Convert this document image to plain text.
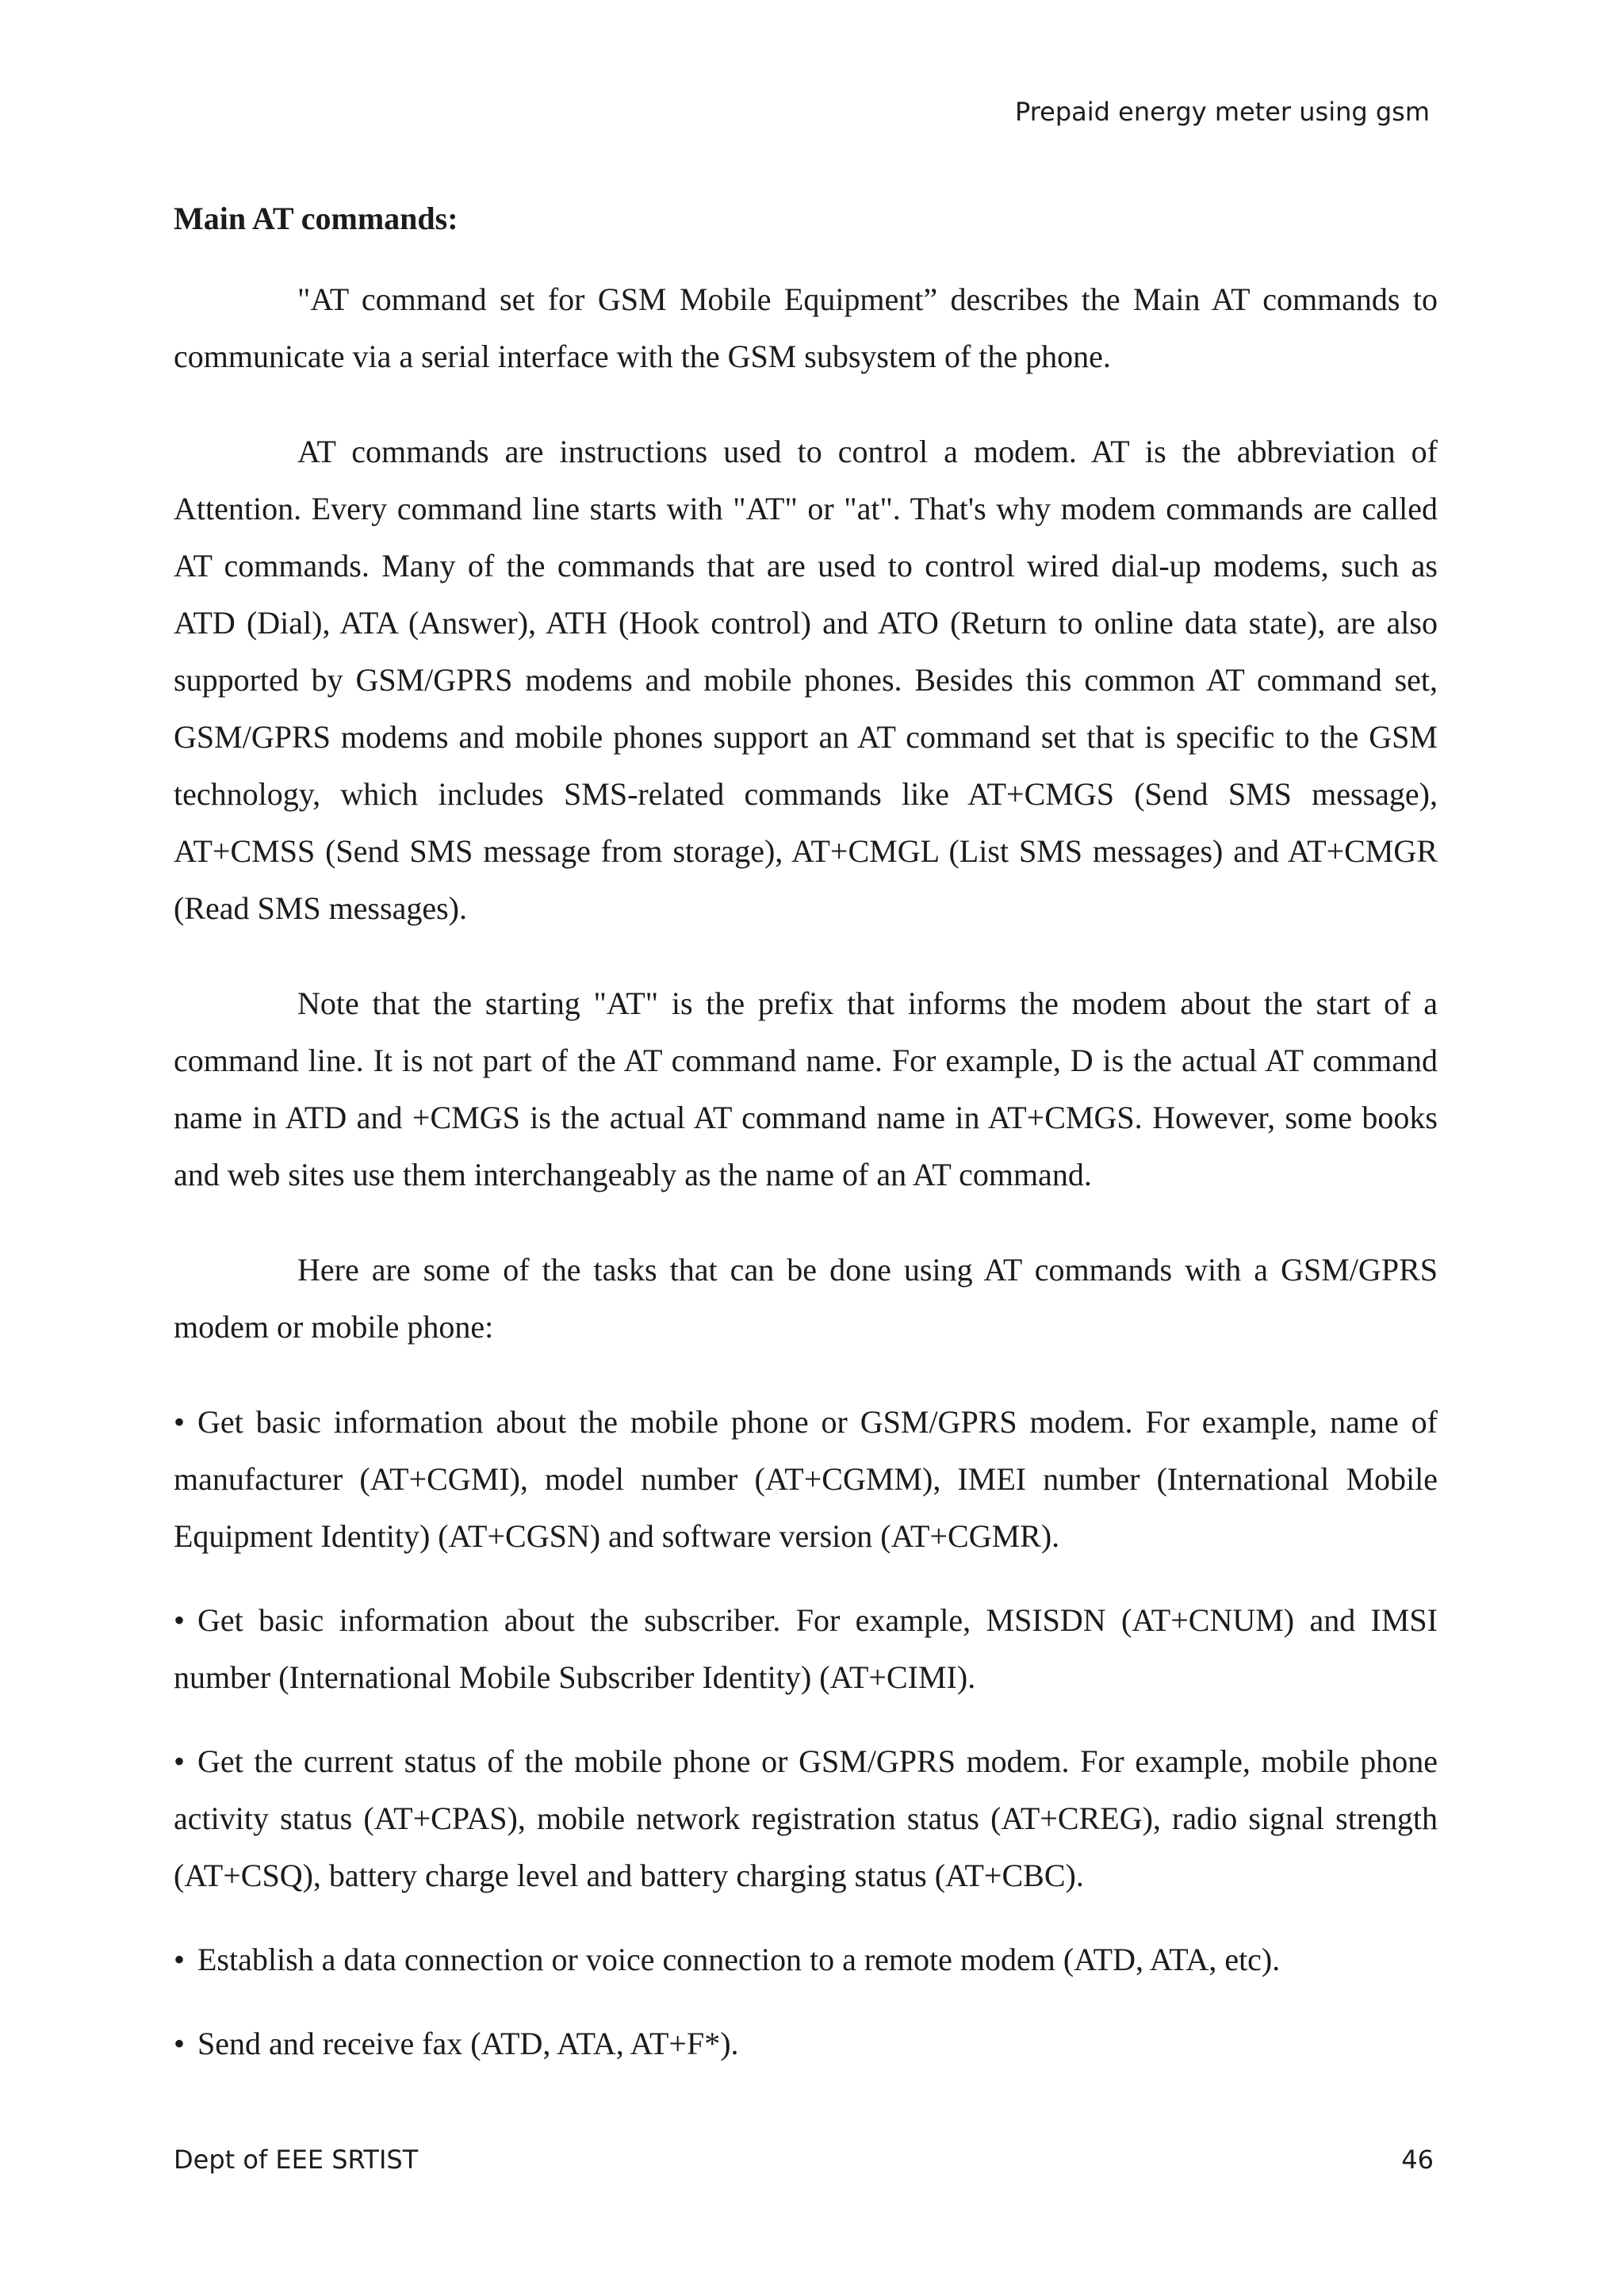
Prepaid energy meter using gsm
Main AT commands:

"AT command set for GSM Mobile Equipment” describes the Main AT commands to communicate via a serial interface with the GSM subsystem of the phone.

AT commands are instructions used to control a modem. AT is the abbreviation of Attention. Every command line starts with "AT" or "at". That's why modem commands are called AT commands. Many of the commands that are used to control wired dial-up modems, such as ATD (Dial), ATA (Answer), ATH (Hook control) and ATO (Return to online data state), are also supported by GSM/GPRS modems and mobile phones. Besides this common AT command set, GSM/GPRS modems and mobile phones support an AT command set that is specific to the GSM technology, which includes SMS-related commands like AT+CMGS (Send SMS message), AT+CMSS (Send SMS message from storage), AT+CMGL (List SMS messages) and AT+CMGR (Read SMS messages).

Note that the starting "AT" is the prefix that informs the modem about the start of a command line. It is not part of the AT command name. For example, D is the actual AT command name in ATD and +CMGS is the actual AT command name in AT+CMGS. However, some books and web sites use them interchangeably as the name of an AT command.

Here are some of the tasks that can be done using AT commands with a GSM/GPRS modem or mobile phone:

•Get basic information about the mobile phone or GSM/GPRS modem. For example, name of manufacturer (AT+CGMI), model number (AT+CGMM), IMEI number (International Mobile Equipment Identity) (AT+CGSN) and software version (AT+CGMR).
•Get basic information about the subscriber. For example, MSISDN (AT+CNUM) and IMSI number (International Mobile Subscriber Identity) (AT+CIMI).
•Get the current status of the mobile phone or GSM/GPRS modem. For example, mobile phone activity status (AT+CPAS), mobile network registration status (AT+CREG), radio signal strength (AT+CSQ), battery charge level and battery charging status (AT+CBC).
•Establish a data connection or voice connection to a remote modem (ATD, ATA, etc).
•Send and receive fax (ATD, ATA, AT+F*).
Dept of EEE SRTIST	46
